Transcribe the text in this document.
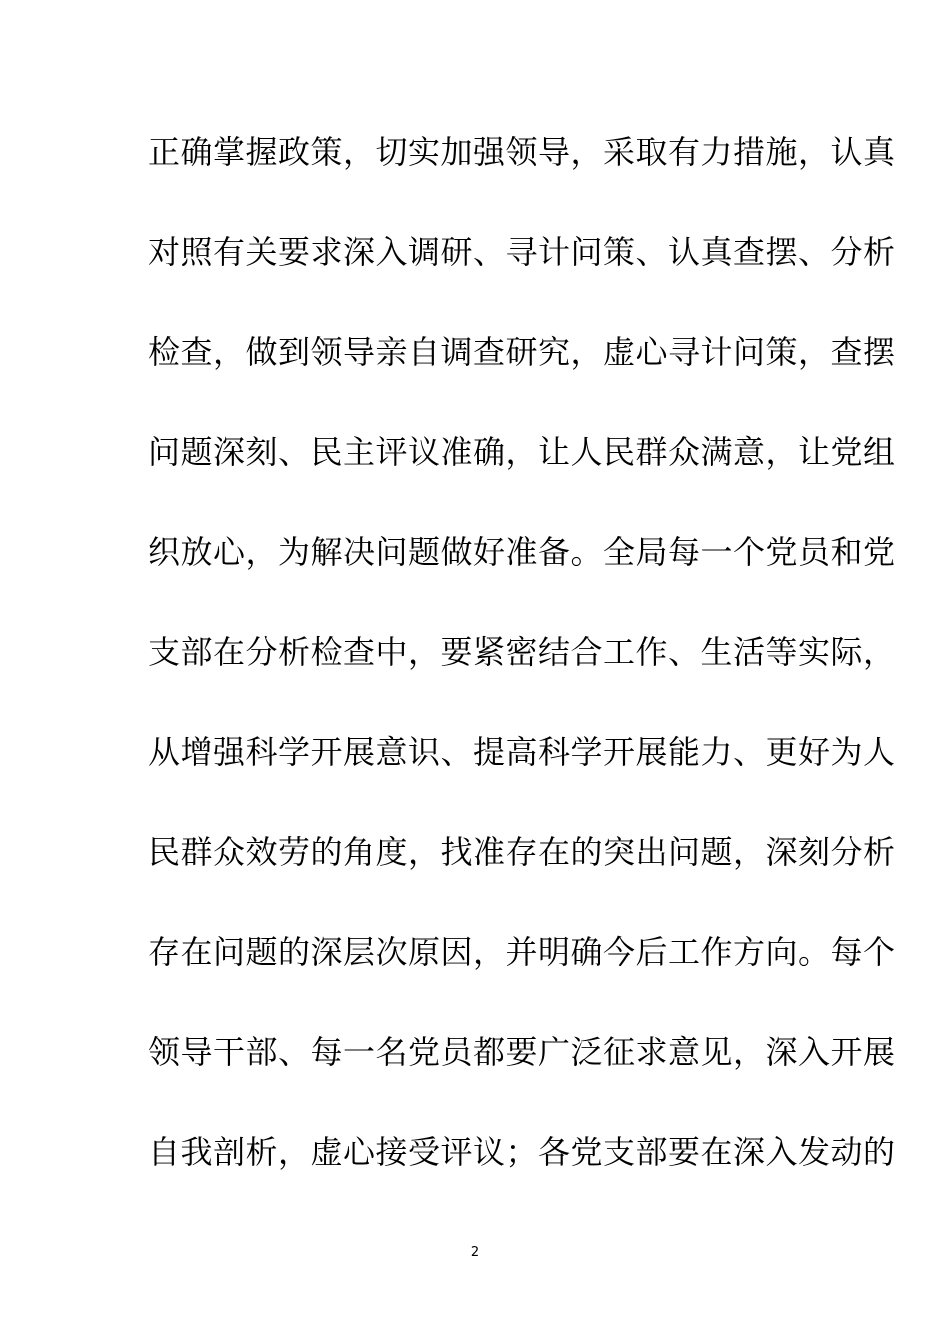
正确掌握政策，切实加强领导，采取有力措施，认真
对照有关要求深入调研、寻计问策、认真查摆、分析
检查，做到领导亲自调查研究，虚心寻计问策，查摆
问题深刻、民主评议准确，让人民群众满意，让党组
织放心，为解决问题做好准备。全局每一个党员和党
支部在分析检查中，要紧密结合工作、生活等实际，
从增强科学开展意识、提高科学开展能力、更好为人
民群众效劳的角度，找准存在的突出问题，深刻分析
存在问题的深层次原因，并明确今后工作方向。每个
领导干部、每一名党员都要广泛征求意见，深入开展
自我剖析，虚心接受评议；各党支部要在深入发动的
2
